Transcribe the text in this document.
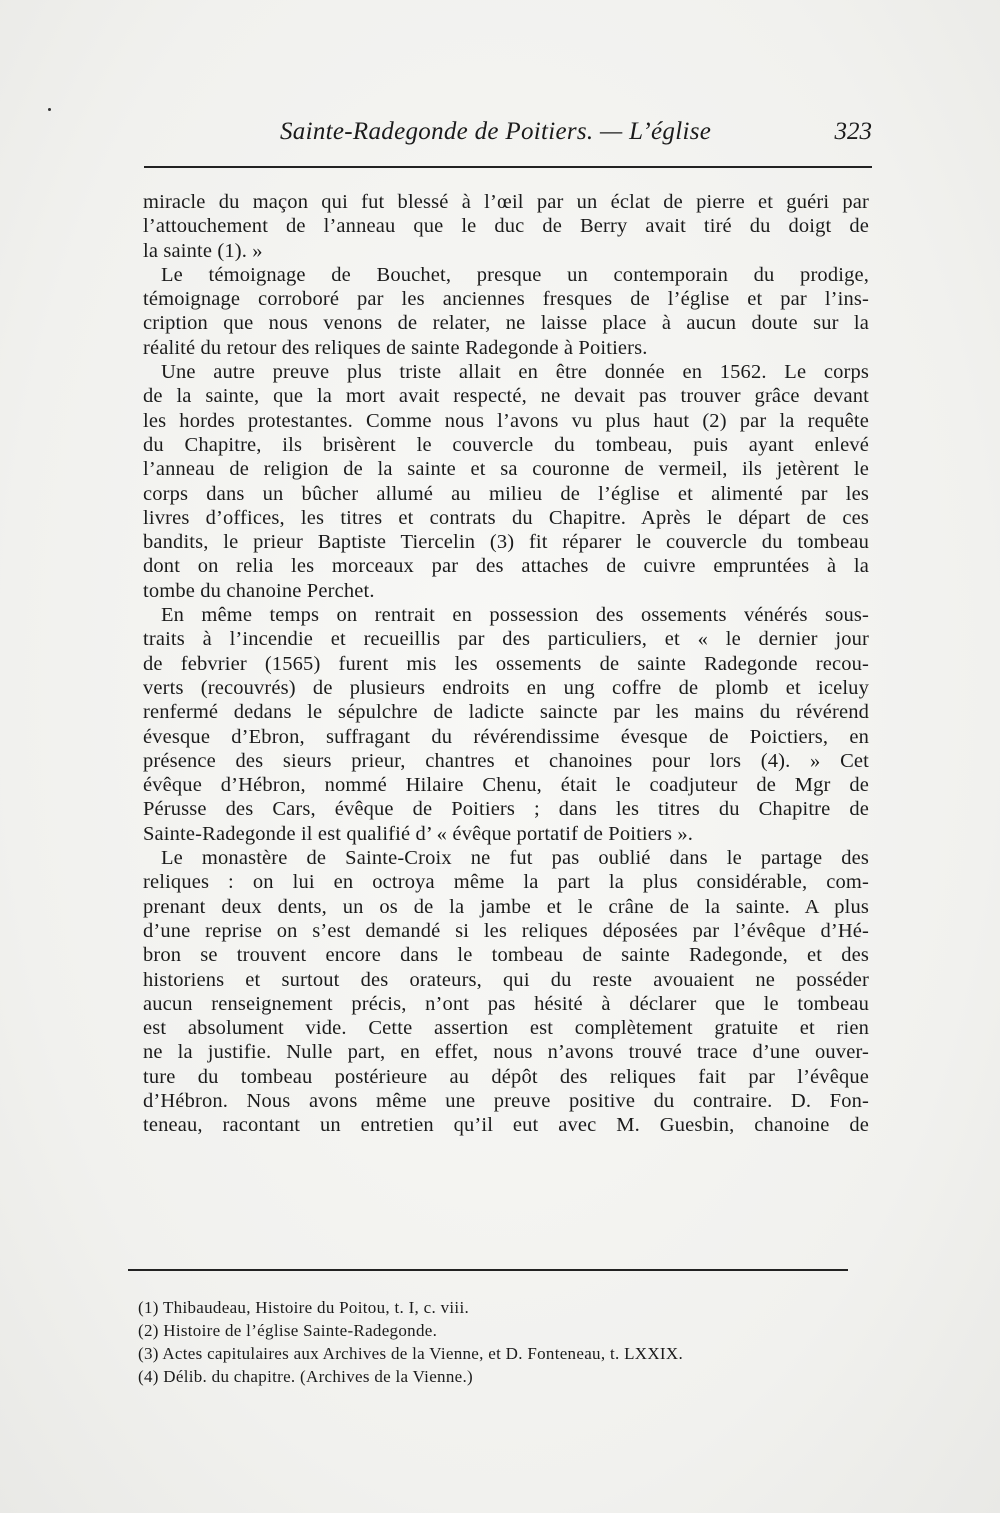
Sainte-Radegonde de Poitiers. — L’église	323
miracle du maçon qui fut blessé à l’œil par un éclat de pierre et guéri par
l’attouchement de l’anneau que le duc de Berry avait tiré du doigt de
la sainte (1). »
Le témoignage de Bouchet, presque un contemporain du prodige,
témoignage corroboré par les anciennes fresques de l’église et par l’ins-
cription que nous venons de relater, ne laisse place à aucun doute sur la
réalité du retour des reliques de sainte Radegonde à Poitiers.
Une autre preuve plus triste allait en être donnée en 1562. Le corps
de la sainte, que la mort avait respecté, ne devait pas trouver grâce devant
les hordes protestantes. Comme nous l’avons vu plus haut (2) par la requête
du Chapitre, ils brisèrent le couvercle du tombeau, puis ayant enlevé
l’anneau de religion de la sainte et sa couronne de vermeil, ils jetèrent le
corps dans un bûcher allumé au milieu de l’église et alimenté par les
livres d’offices, les titres et contrats du Chapitre. Après le départ de ces
bandits, le prieur Baptiste Tiercelin (3) fit réparer le couvercle du tombeau
dont on relia les morceaux par des attaches de cuivre empruntées à la
tombe du chanoine Perchet.
En même temps on rentrait en possession des ossements vénérés sous-
traits à l’incendie et recueillis par des particuliers, et « le dernier jour
de febvrier (1565) furent mis les ossements de sainte Radegonde recou-
verts (recouvrés) de plusieurs endroits en ung coffre de plomb et iceluy
renfermé dedans le sépulchre de ladicte saincte par les mains du révérend
évesque d’Ebron, suffragant du révérendissime évesque de Poictiers, en
présence des sieurs prieur, chantres et chanoines pour lors (4). » Cet
évêque d’Hébron, nommé Hilaire Chenu, était le coadjuteur de Mgr de
Pérusse des Cars, évêque de Poitiers ; dans les titres du Chapitre de
Sainte-Radegonde il est qualifié d’ « évêque portatif de Poitiers ».
Le monastère de Sainte-Croix ne fut pas oublié dans le partage des
reliques : on lui en octroya même la part la plus considérable, com-
prenant deux dents, un os de la jambe et le crâne de la sainte. A plus
d’une reprise on s’est demandé si les reliques déposées par l’évêque d’Hé-
bron se trouvent encore dans le tombeau de sainte Radegonde, et des
historiens et surtout des orateurs, qui du reste avouaient ne posséder
aucun renseignement précis, n’ont pas hésité à déclarer que le tombeau
est absolument vide. Cette assertion est complètement gratuite et rien
ne la justifie. Nulle part, en effet, nous n’avons trouvé trace d’une ouver-
ture du tombeau postérieure au dépôt des reliques fait par l’évêque
d’Hébron. Nous avons même une preuve positive du contraire. D. Fon-
teneau, racontant un entretien qu’il eut avec M. Guesbin, chanoine de
(1) Thibaudeau, Histoire du Poitou, t. I, c. viii.
(2) Histoire de l’église Sainte-Radegonde.
(3) Actes capitulaires aux Archives de la Vienne, et D. Fonteneau, t. LXXIX.
(4) Délib. du chapitre. (Archives de la Vienne.)
